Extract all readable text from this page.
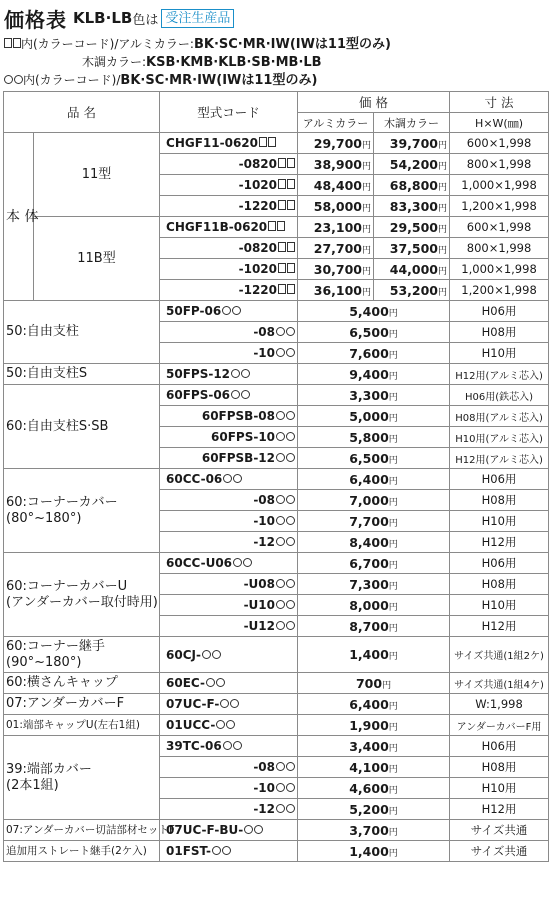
価格表 KLB·LB 色は 受注生産品
内(カラーコード)/アルミカラー:BK·SC·MR·IW(IWは11型のみ)
木調カラー:KSB·KMB·KLB·SB·MB·LB
内(カラーコード)/BK·SC·MR·IW(IWは11型のみ)
品 名		型式コード	価 格		寸 法
			アルミカラー	木調カラー	H×W(㎜)
本 体	11型	CHGF11-0620	29,700円	39,700円	600×1,998
		-0820	38,900円	54,200円	800×1,998
		-1020	48,400円	68,800円	1,000×1,998
		-1220	58,000円	83,300円	1,200×1,998
	11B型	CHGF11B-0620	23,100円	29,500円	600×1,998
		-0820	27,700円	37,500円	800×1,998
		-1020	30,700円	44,000円	1,000×1,998
		-1220	36,100円	53,200円	1,200×1,998
50:自由支柱		50FP-06	5,400円		H06用
		-08	6,500円		H08用
		-10	7,600円		H10用
50:自由支柱S		50FPS-12	9,400円		H12用(アルミ芯入)
60:自由支柱S·SB		60FPS-06	3,300円		H06用(鉄芯入)
		60FPSB-08	5,000円		H08用(アルミ芯入)
		60FPS-10	5,800円		H10用(アルミ芯入)
		60FPSB-12	6,500円		H12用(アルミ芯入)
60:コーナーカバー
(80°~180°)		60CC-06	6,400円		H06用
		-08	7,000円		H08用
		-10	7,700円		H10用
		-12	8,400円		H12用
60:コーナーカバーU
(アンダーカバー取付時用)		60CC-U06	6,700円		H06用
		-U08	7,300円		H08用
		-U10	8,000円		H10用
		-U12	8,700円		H12用
60:コーナー継手
(90°~180°)		60CJ-	1,400円		サイズ共通(1組2ケ)
60:横さんキャップ		60EC-	700円		サイズ共通(1組4ケ)
07:アンダーカバーF		07UC-F-	6,400円		W:1,998
01:端部キャップU(左右1組)		01UCC-	1,900円		アンダーカバーF用
39:端部カバー
(2本1組)		39TC-06	3,400円		H06用
		-08	4,100円		H08用
		-10	4,600円		H10用
		-12	5,200円		H12用
07:アンダーカバー切詰部材セットF		07UC-F-BU-	3,700円		サイズ共通
追加用ストレート継手(2ケ入)		01FST-	1,400円		サイズ共通
